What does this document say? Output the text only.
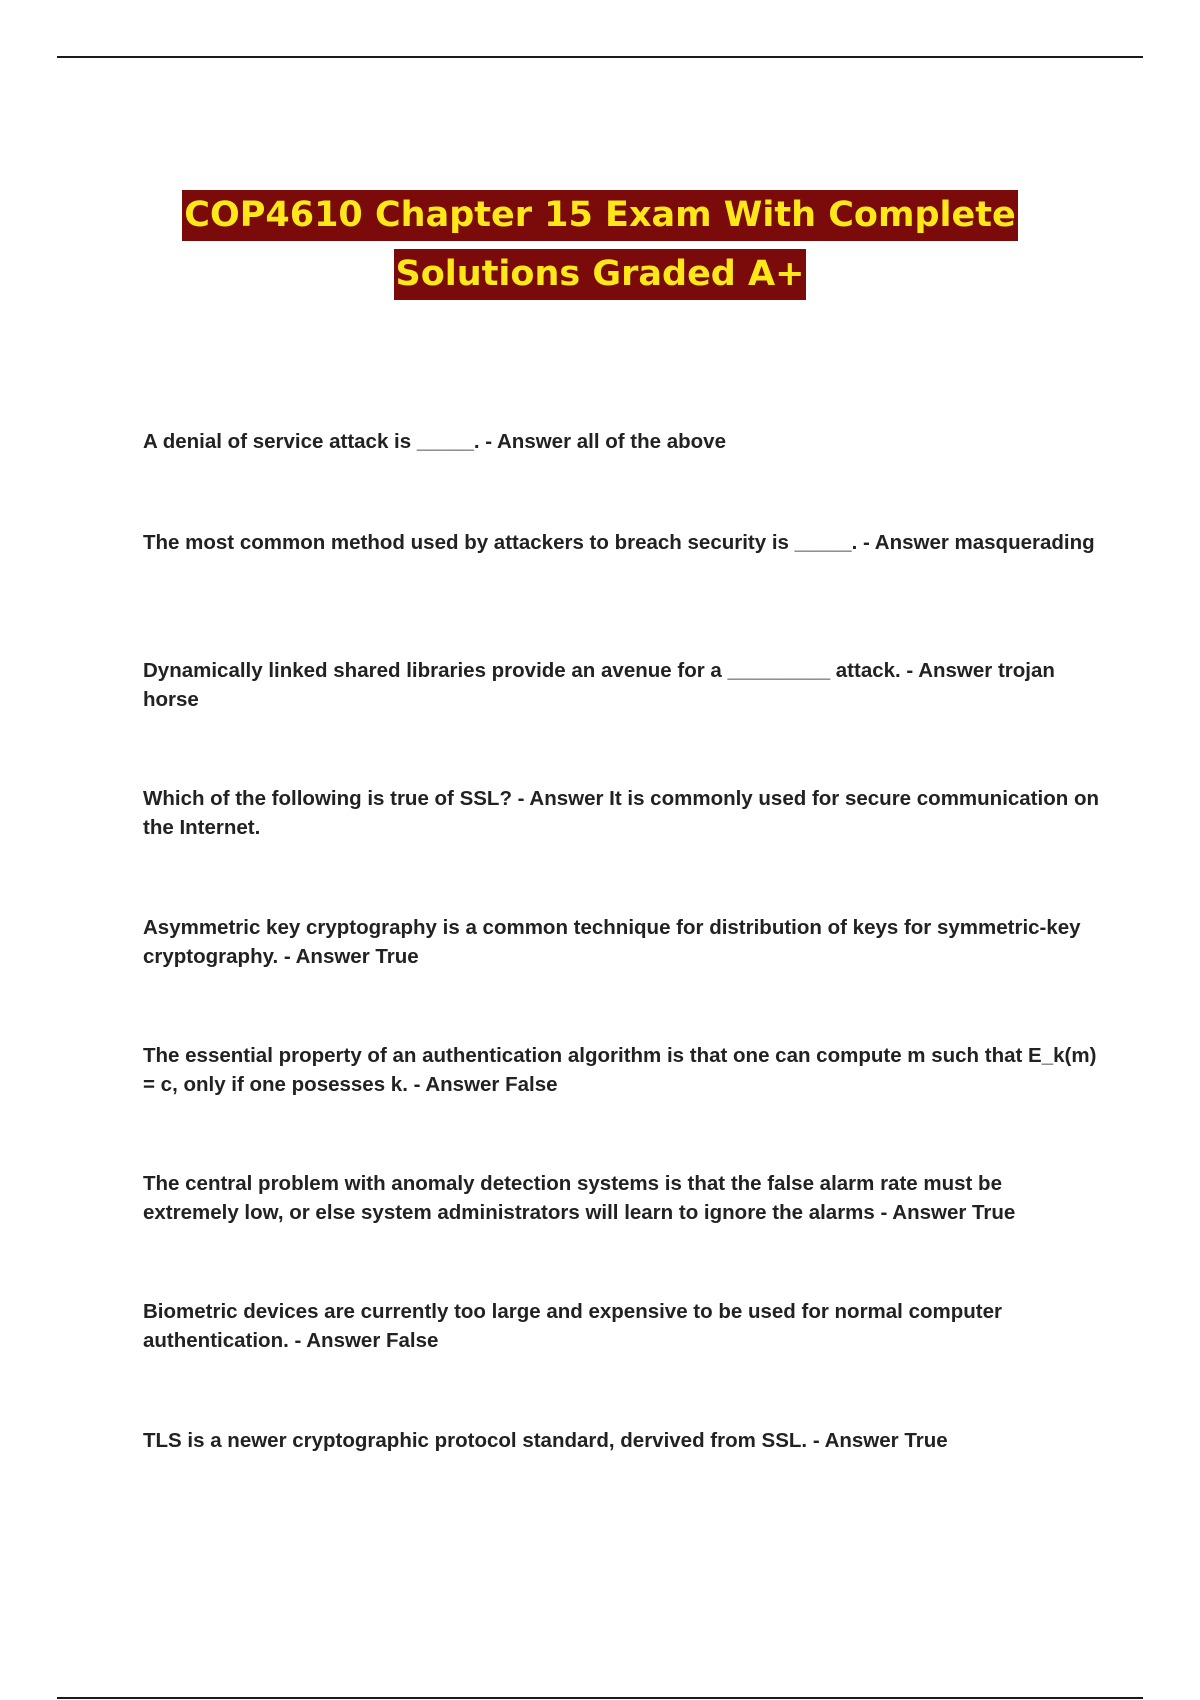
COP4610 Chapter 15 Exam With Complete
Solutions Graded A+
A denial of service attack is _____. - Answer all of the above
The most common method used by attackers to breach security is _____. - Answer masquerading
Dynamically linked shared libraries provide an avenue for a _________ attack. - Answer trojan horse
Which of the following is true of SSL? - Answer It is commonly used for secure communication on the Internet.
Asymmetric key cryptography is a common technique for distribution of keys for symmetric-key cryptography. - Answer True
The essential property of an authentication algorithm is that one can compute m such that E_k(m) = c, only if one posesses k. - Answer False
The central problem with anomaly detection systems is that the false alarm rate must be extremely low, or else system administrators will learn to ignore the alarms - Answer True
Biometric devices are currently too large and expensive to be used for normal computer authentication. - Answer False
TLS is a newer cryptographic protocol standard, dervived from SSL. - Answer True
